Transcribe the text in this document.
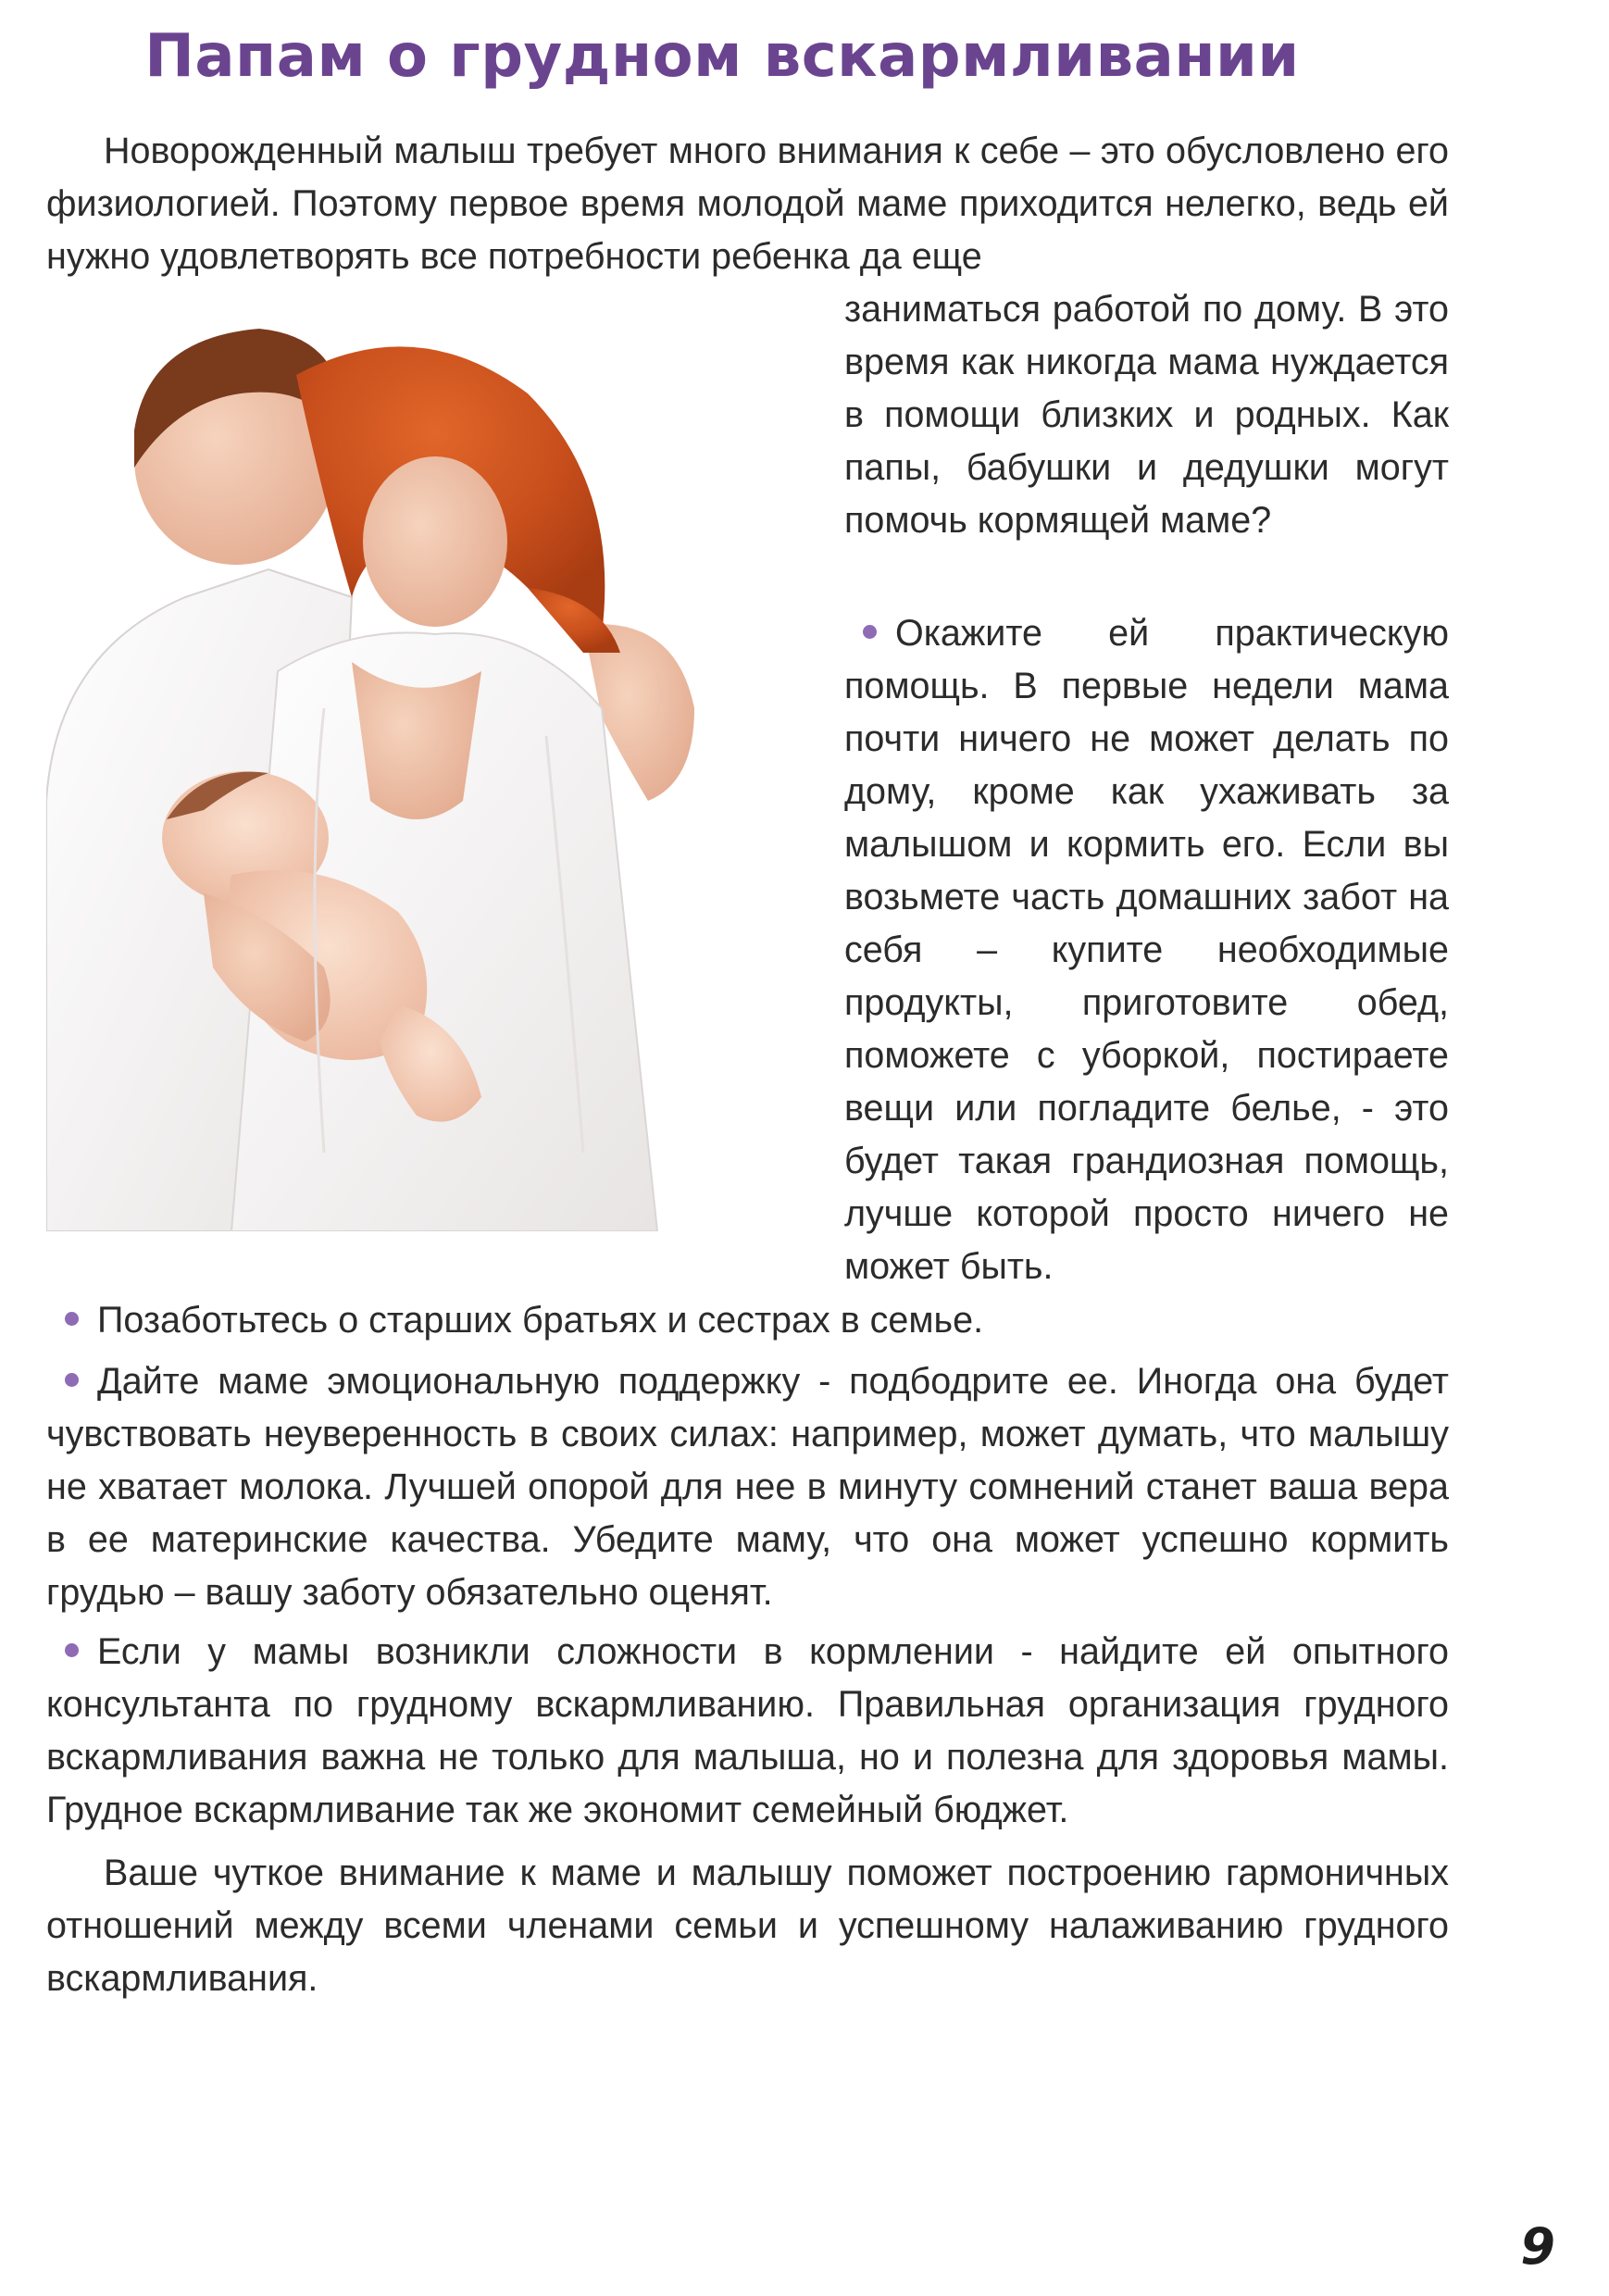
Папам о грудном вскармливании

Новорожденный малыш требует много внимания к себе – это обусловлено его физиологией. Поэтому первое время молодой маме приходится нелегко, ведь ей нужно удовлетворять все потребности ребенка да еще

заниматься работой по дому. В это время как никогда мама нуждается в помощи близких и родных. Как папы, бабушки и дедушки могут помочь кормящей маме?

Окажите ей практическую помощь. В первые недели мама почти ничего не может делать по дому, кроме как ухаживать за малышом и кормить его. Если вы возьмете часть домашних забот на себя – купите необходимые продукты, приготовите обед, поможете с уборкой, постираете вещи или погладите белье, - это будет такая грандиозная помощь, лучше которой просто ничего не может быть.

Позаботьтесь о старших братьях и сестрах в семье.

Дайте маме эмоциональную поддержку - подбодрите ее. Иногда она будет чувствовать неуверенность в своих силах: например, может думать, что малышу не хватает молока. Лучшей опорой для нее в минуту сомнений станет ваша вера в ее материнские качества. Убедите маму, что она может успешно кормить грудью – вашу заботу обязательно оценят.

Если у мамы возникли сложности в кормлении - найдите ей опытного консультанта по грудному вскармливанию. Правильная организация грудного вскармливания важна не только для малыша, но и полезна для здоровья мамы. Грудное вскармливание так же экономит семейный бюджет.

Ваше чуткое внимание к маме и малышу поможет построению гармоничных отношений между всеми членами семьи и успешному налаживанию грудного вскармливания.

9
